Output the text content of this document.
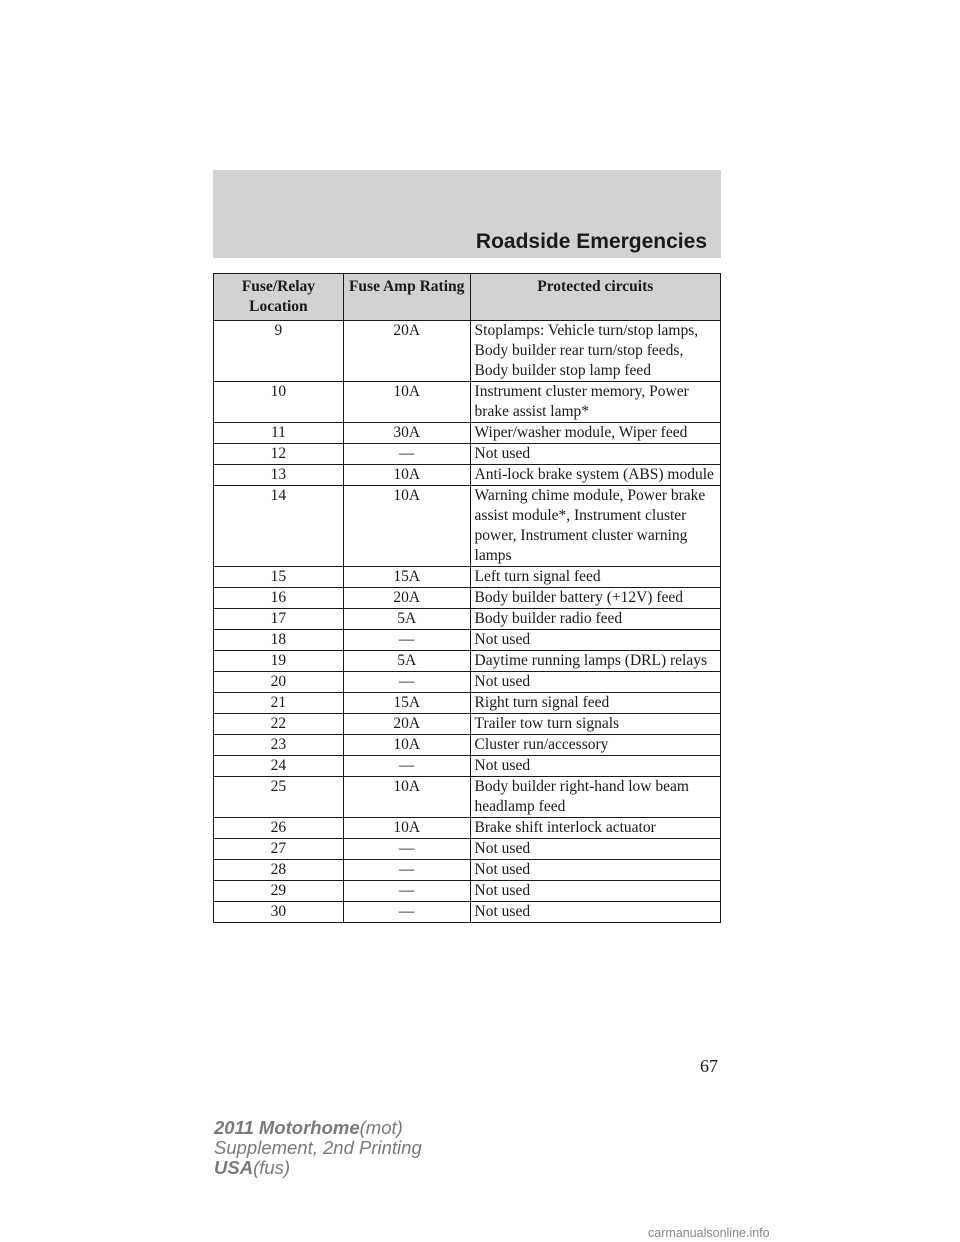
Roadside Emergencies
Fuse/Relay Location	Fuse Amp Rating	Protected circuits
9	20A	Stoplamps: Vehicle turn/stop lamps, Body builder rear turn/stop feeds, Body builder stop lamp feed
10	10A	Instrument cluster memory, Power brake assist lamp*
11	30A	Wiper/washer module, Wiper feed
12	—	Not used
13	10A	Anti-lock brake system (ABS) module
14	10A	Warning chime module, Power brake assist module*, Instrument cluster power, Instrument cluster warning lamps
15	15A	Left turn signal feed
16	20A	Body builder battery (+12V) feed
17	5A	Body builder radio feed
18	—	Not used
19	5A	Daytime running lamps (DRL) relays
20	—	Not used
21	15A	Right turn signal feed
22	20A	Trailer tow turn signals
23	10A	Cluster run/accessory
24	—	Not used
25	10A	Body builder right-hand low beam headlamp feed
26	10A	Brake shift interlock actuator
27	—	Not used
28	—	Not used
29	—	Not used
30	—	Not used
67
2011 Motorhome(mot)
Supplement, 2nd Printing
USA(fus)
carmanualsonline.info
